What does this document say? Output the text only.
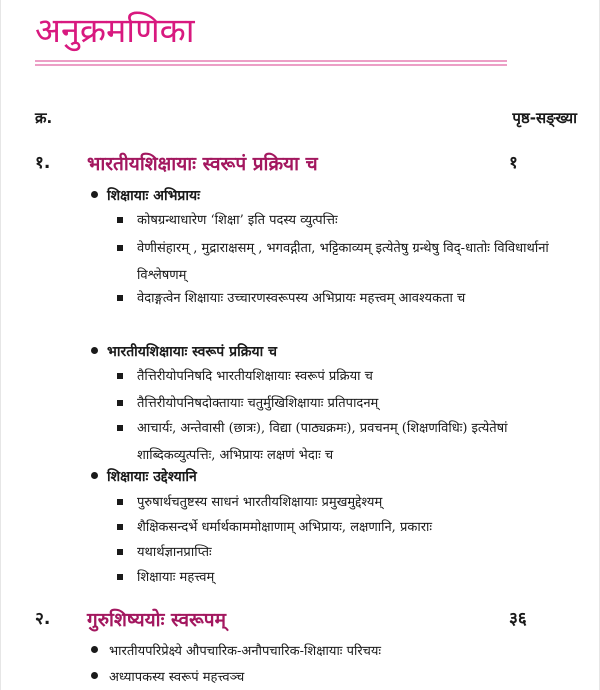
अनुक्रमणिका
क्र.	पृष्ठ-सङ्ख्या
१. भारतीयशिक्षायाः स्वरूपं प्रक्रिया च	१
शिक्षायाः अभिप्रायः
कोषग्रन्थाधारेण ‘शिक्षा’ इति पदस्य व्युत्पत्तिः
वेणीसंहारम् , मुद्राराक्षसम् , भगवद्गीता, भट्टिकाव्यम् इत्येतेषु ग्रन्थेषु विद्-धातोः विविधार्थानां विश्लेषणम्
वेदाङ्गत्वेन शिक्षायाः उच्चारणस्वरूपस्य अभिप्रायः महत्त्वम् आवश्यकता च
भारतीयशिक्षायाः स्वरूपं प्रक्रिया च
तैत्तिरीयोपनिषदि भारतीयशिक्षायाः स्वरूपं प्रक्रिया च
तैत्तिरीयोपनिषदोक्तायाः चतुर्मुखिशिक्षायाः प्रतिपादनम्
आचार्यः, अन्तेवासी (छात्रः), विद्या (पाठ्यक्रमः), प्रवचनम् (शिक्षणविधिः) इत्येतेषां शाब्दिकव्युत्पत्तिः, अभिप्रायः लक्षणं भेदाः च
शिक्षायाः उद्देश्यानि
पुरुषार्थचतुष्टस्य साधनं भारतीयशिक्षायाः प्रमुखमुद्देश्यम्
शैक्षिकसन्दर्भे धर्मार्थकाममोक्षाणाम् अभिप्रायः, लक्षणानि, प्रकाराः
यथार्थज्ञानप्राप्तिः
शिक्षायाः महत्त्वम्
२. गुरुशिष्ययोः स्वरूपम्	३६
भारतीयपरिप्रेक्ष्ये औपचारिक-अनौपचारिक-शिक्षायाः परिचयः
अध्यापकस्य स्वरूपं महत्त्वञ्च
